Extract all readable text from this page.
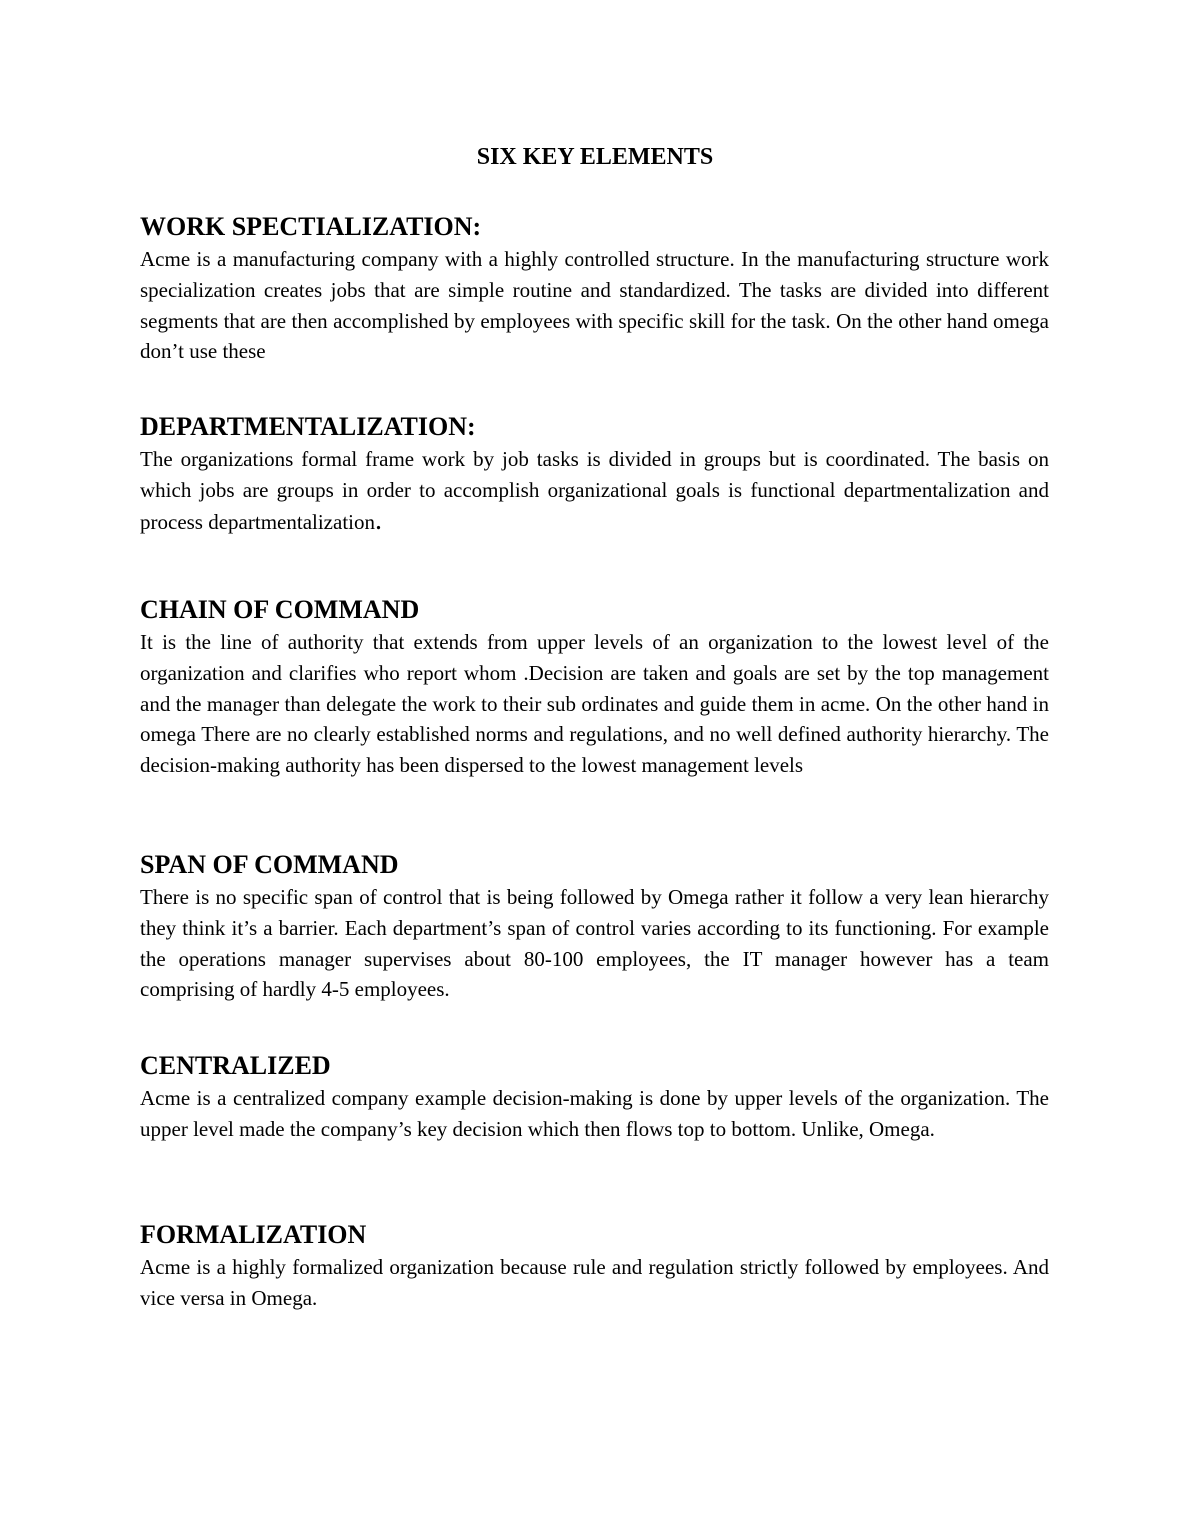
SIX KEY ELEMENTS
WORK SPECTIALIZATION:

Acme is a manufacturing company with a highly controlled structure. In the manufacturing structure work specialization creates jobs that are simple routine and standardized. The tasks are divided into different segments that are then accomplished by employees with specific skill for the task. On the other hand omega don’t use these

DEPARTMENTALIZATION:

The organizations formal frame work by job tasks is divided in groups but is coordinated. The basis on which jobs are groups in order to accomplish organizational goals is functional departmentalization and process departmentalization.

CHAIN OF COMMAND

It is the line of authority that extends from upper levels of an organization to the lowest level of the organization and clarifies who report whom .Decision are taken and goals are set by the top management and the manager than delegate the work to their sub ordinates and guide them in acme. On the other hand in omega There are no clearly established norms and regulations, and no well defined authority hierarchy. The decision-making authority has been dispersed to the lowest management levels

SPAN OF COMMAND

There is no specific span of control that is being followed by Omega rather it follow a very lean hierarchy they think it’s a barrier. Each department’s span of control varies according to its functioning. For example the operations manager supervises about 80-100 employees, the IT manager however has a team comprising of hardly 4-5 employees.

CENTRALIZED

Acme is a centralized company example decision-making is done by upper levels of the organization. The upper level made the company’s key decision which then flows top to bottom. Unlike, Omega.

FORMALIZATION

Acme is a highly formalized organization because rule and regulation strictly followed by employees. And vice versa in Omega.
